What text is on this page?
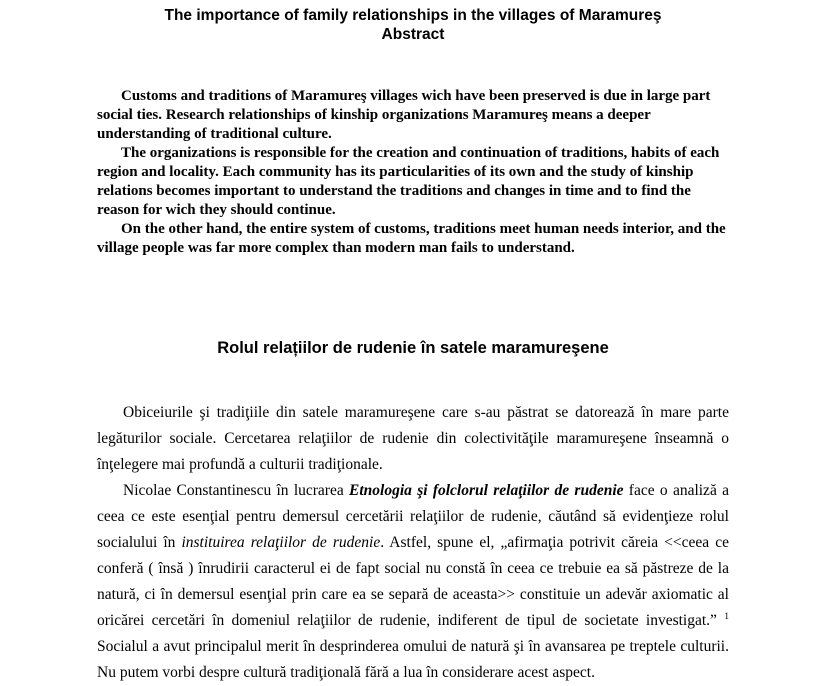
The importance of family relationships in the villages of Maramureş
Abstract

Customs and traditions of Maramureş villages wich have been preserved is due in large part social ties. Research relationships of kinship organizations Maramureş means a deeper understanding of traditional culture.

The organizations is responsible for the creation and continuation of traditions, habits of each region and locality. Each community has its particularities of its own and the study of kinship relations becomes important to understand the traditions and changes in time and to find the reason for wich they should continue.

On the other hand, the entire system of customs, traditions meet human needs interior, and the village people was far more complex than modern man fails to understand.

Rolul relațiilor de rudenie în satele maramureşene

Obiceiurile şi tradiţiile din satele maramureşene care s-au păstrat se datorează în mare parte legăturilor sociale. Cercetarea relaţiilor de rudenie din colectivităţile maramureşene înseamnă o înţelegere mai profundă a culturii tradiţionale.

Nicolae Constantinescu în lucrarea Etnologia şi folclorul relaţiilor de rudenie face o analiză a ceea ce este esenţial pentru demersul cercetării relaţiilor de rudenie, căutând să evidenţieze rolul socialului în instituirea relaţiilor de rudenie. Astfel, spune el, „afirmaţia potrivit căreia <<ceea ce conferă ( însă ) înrudirii caracterul ei de fapt social nu constă în ceea ce trebuie ea să păstreze de la natură, ci în demersul esenţial prin care ea se separă de aceasta>> constituie un adevăr axiomatic al oricărei cercetări în domeniul relaţiilor de rudenie, indiferent de tipul de societate investigat.” $^1$ Socialul a avut principalul merit în desprinderea omului de natură şi în avansarea pe treptele culturii. Nu putem vorbi despre cultură tradiţională fără a lua în considerare acest aspect.
